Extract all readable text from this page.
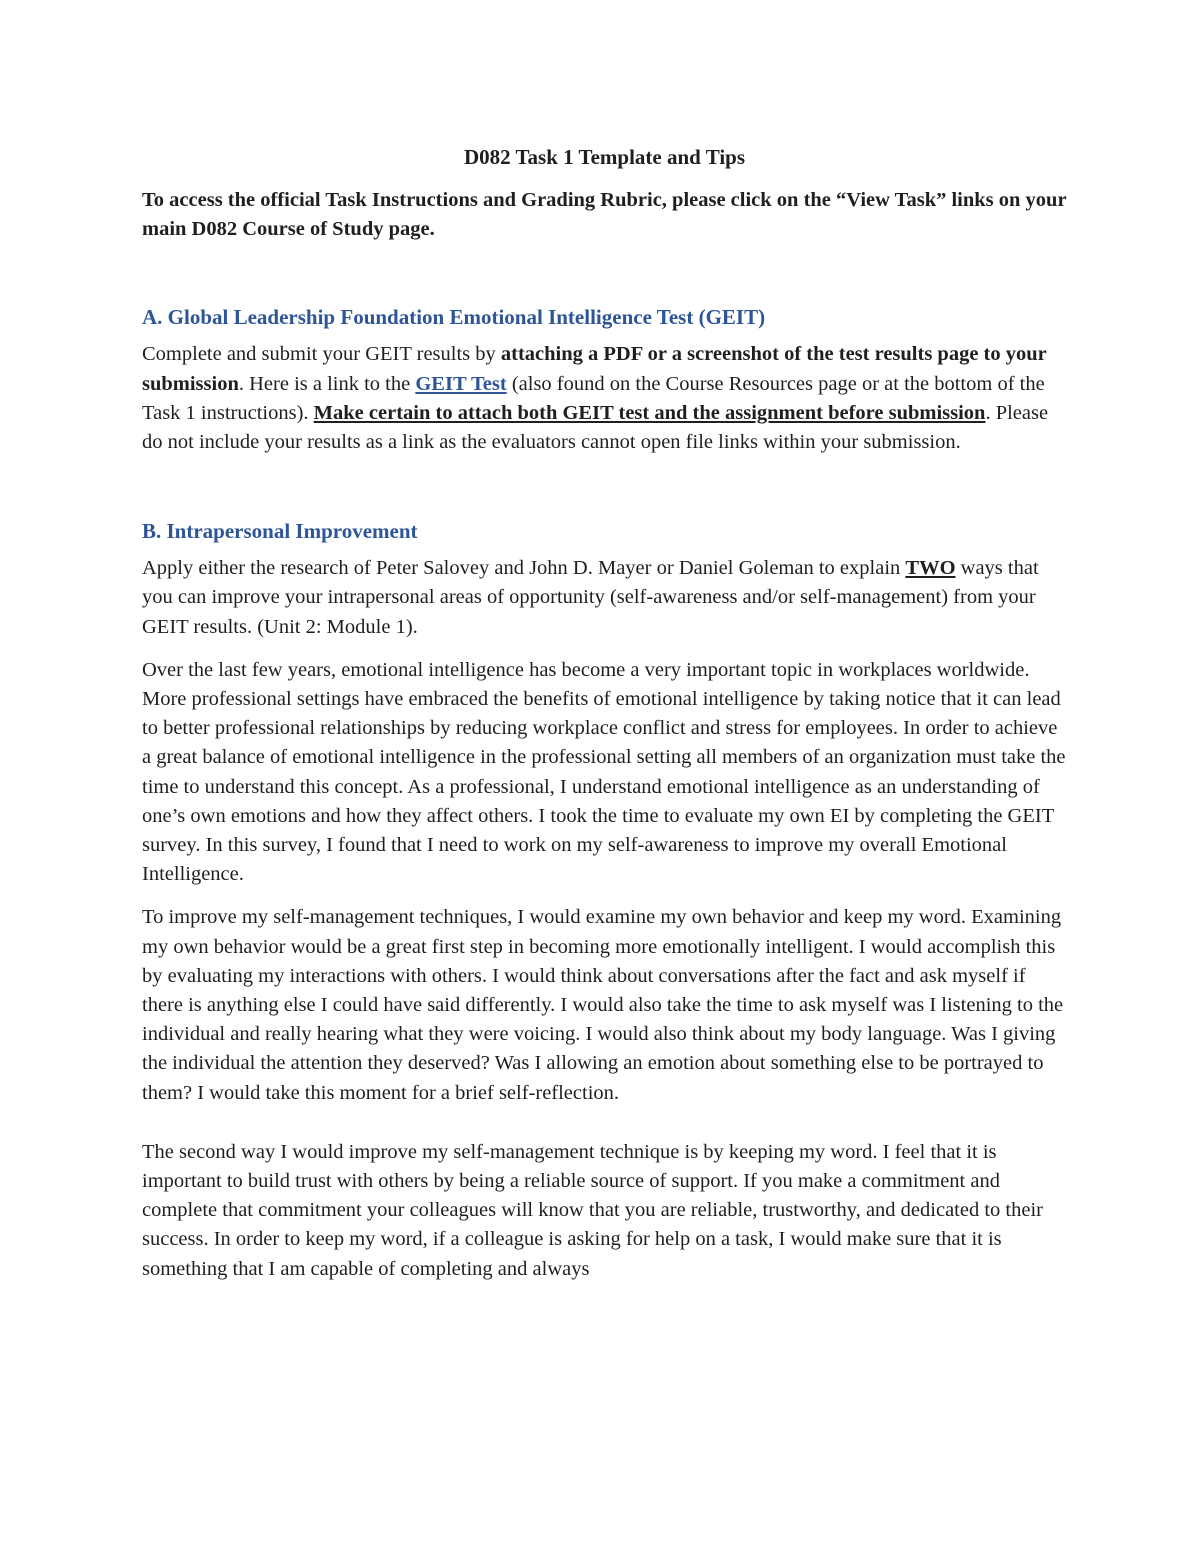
D082 Task 1 Template and Tips

To access the official Task Instructions and Grading Rubric, please click on the “View Task” links on your main D082 Course of Study page.

A. Global Leadership Foundation Emotional Intelligence Test (GEIT)

Complete and submit your GEIT results by attaching a PDF or a screenshot of the test results page to your submission. Here is a link to the GEIT Test (also found on the Course Resources page or at the bottom of the Task 1 instructions). Make certain to attach both GEIT test and the assignment before submission. Please do not include your results as a link as the evaluators cannot open file links within your submission.

B. Intrapersonal Improvement

Apply either the research of Peter Salovey and John D. Mayer or Daniel Goleman to explain TWO ways that you can improve your intrapersonal areas of opportunity (self-awareness and/or self-management) from your GEIT results. (Unit 2: Module 1).

Over the last few years, emotional intelligence has become a very important topic in workplaces worldwide. More professional settings have embraced the benefits of emotional intelligence by taking notice that it can lead to better professional relationships by reducing workplace conflict and stress for employees. In order to achieve a great balance of emotional intelligence in the professional setting all members of an organization must take the time to understand this concept. As a professional, I understand emotional intelligence as an understanding of one’s own emotions and how they affect others. I took the time to evaluate my own EI by completing the GEIT survey. In this survey, I found that I need to work on my self-awareness to improve my overall Emotional Intelligence.

To improve my self-management techniques, I would examine my own behavior and keep my word. Examining my own behavior would be a great first step in becoming more emotionally intelligent. I would accomplish this by evaluating my interactions with others. I would think about conversations after the fact and ask myself if there is anything else I could have said differently. I would also take the time to ask myself was I listening to the individual and really hearing what they were voicing. I would also think about my body language. Was I giving the individual the attention they deserved? Was I allowing an emotion about something else to be portrayed to them? I would take this moment for a brief self-reflection.

The second way I would improve my self-management technique is by keeping my word. I feel that it is important to build trust with others by being a reliable source of support. If you make a commitment and complete that commitment your colleagues will know that you are reliable, trustworthy, and dedicated to their success. In order to keep my word, if a colleague is asking for help on a task, I would make sure that it is something that I am capable of completing and always
